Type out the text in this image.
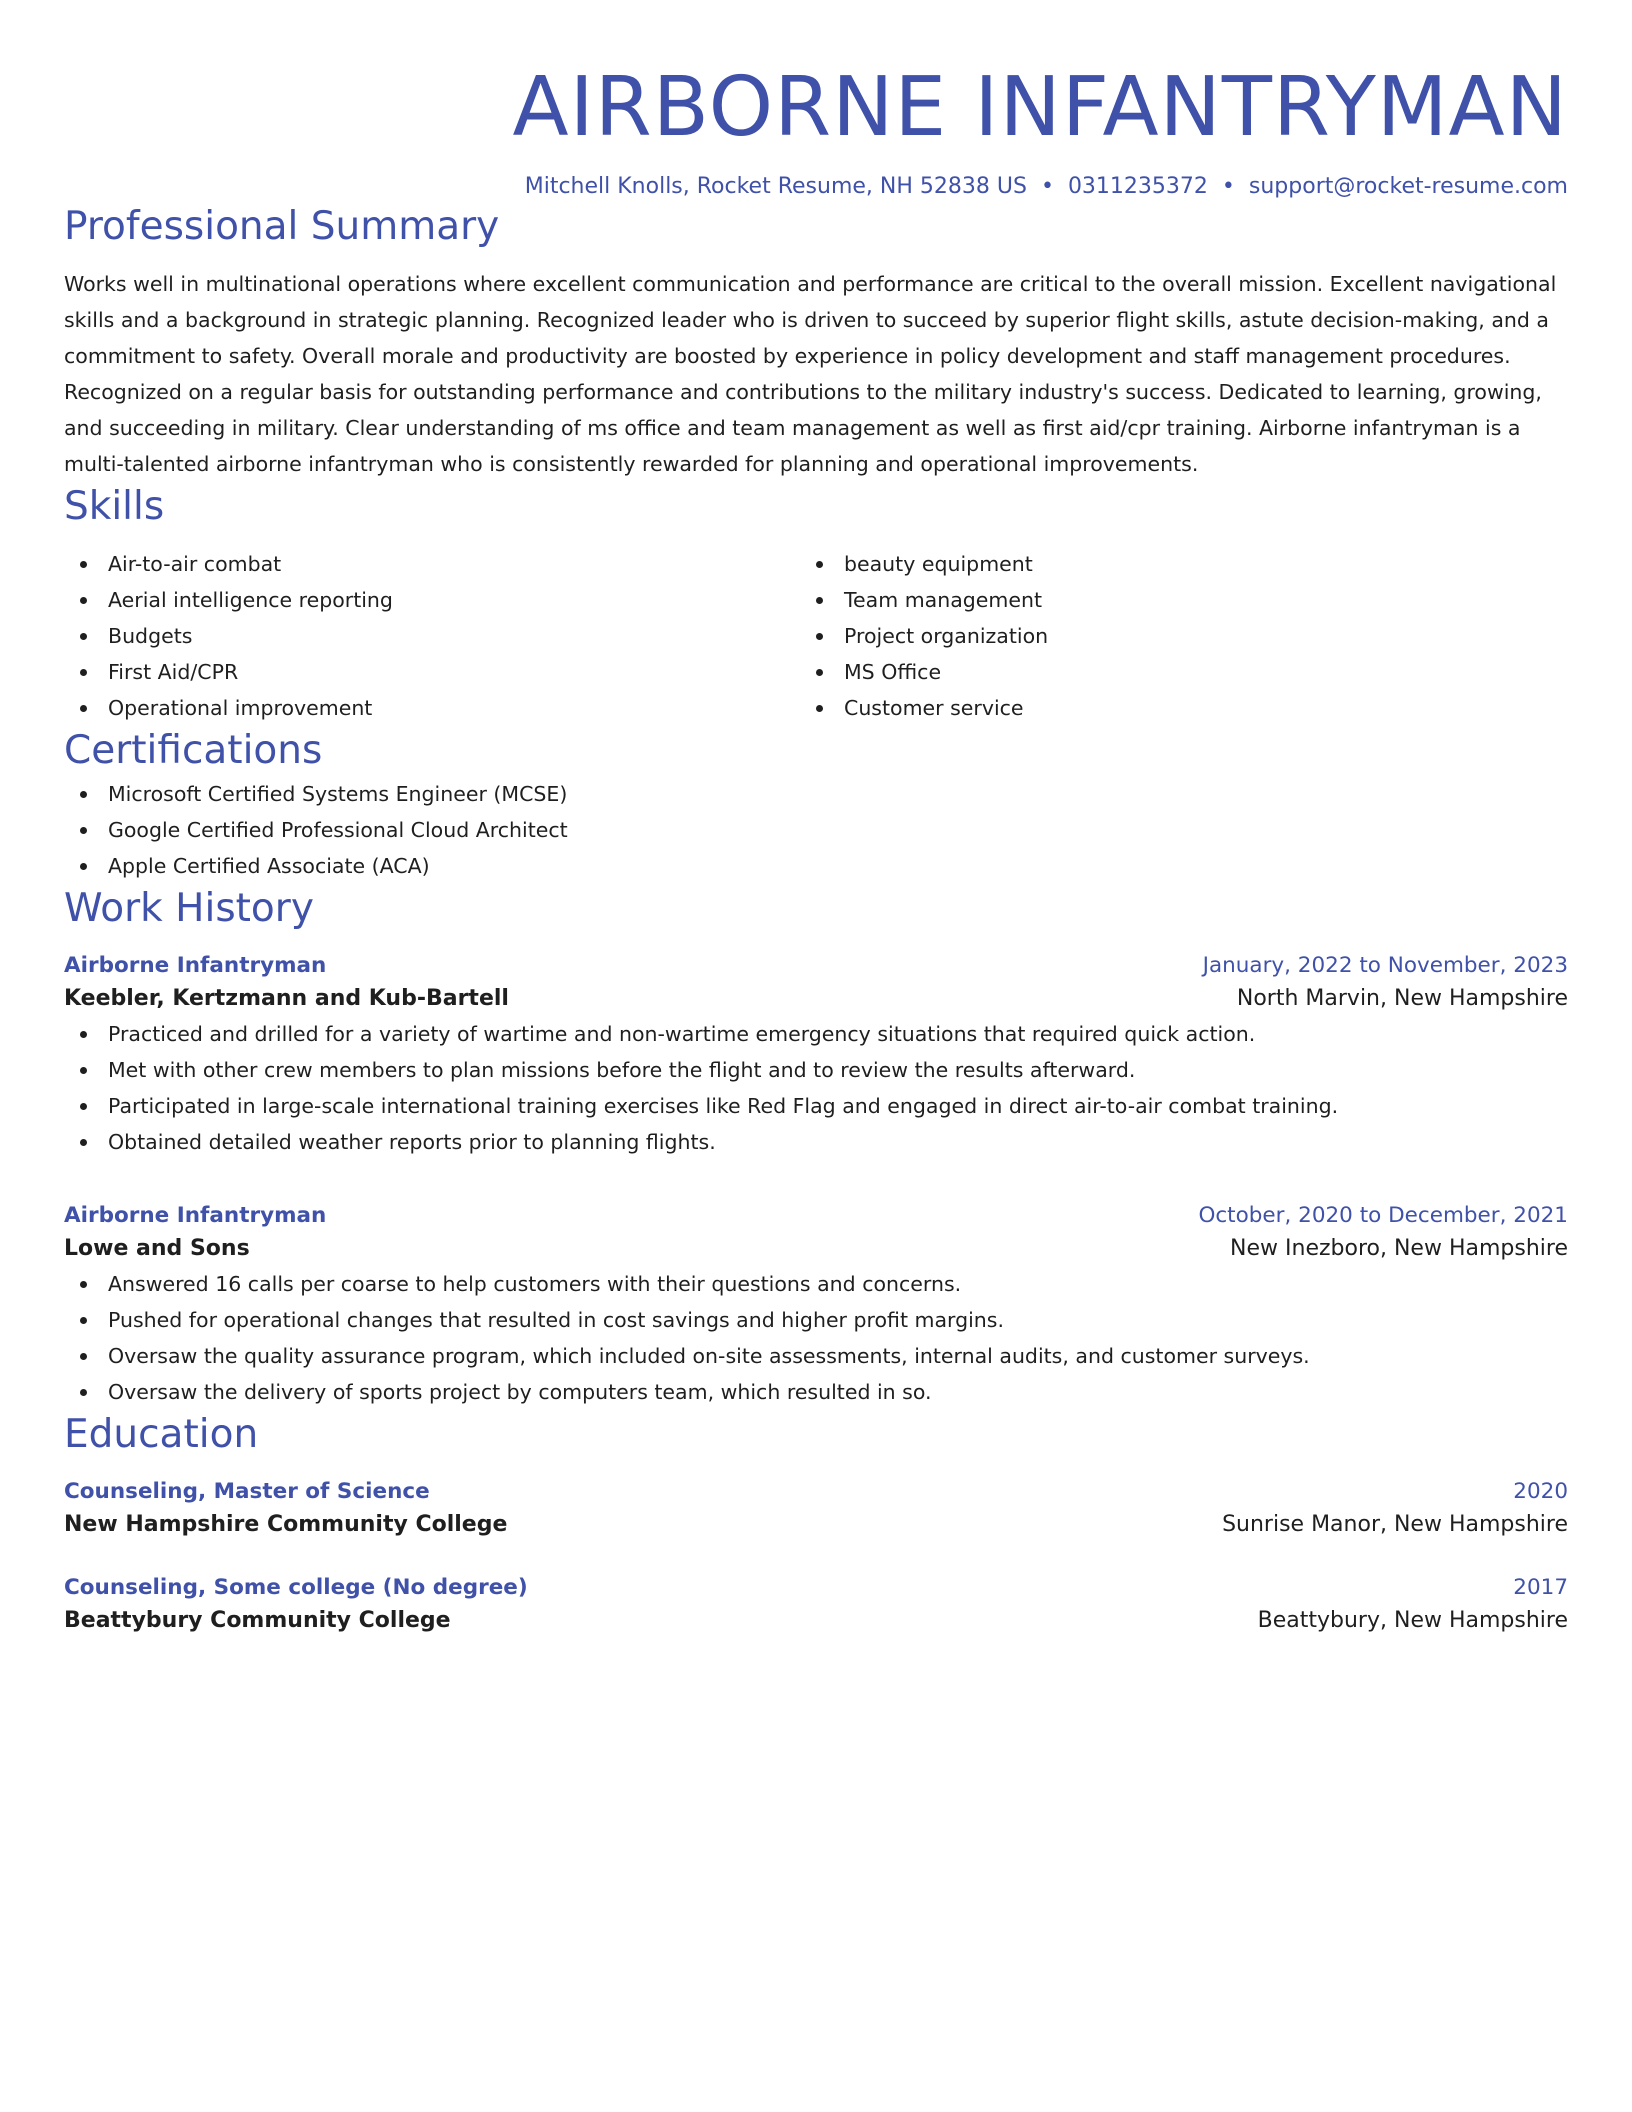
AIRBORNE INFANTRYMAN
Mitchell Knolls, Rocket Resume, NH 52838 US • 0311235372 • support@rocket-resume.com
Professional Summary
Works well in multinational operations where excellent communication and performance are critical to the overall mission. Excellent navigational skills and a background in strategic planning. Recognized leader who is driven to succeed by superior flight skills, astute decision-making, and a commitment to safety. Overall morale and productivity are boosted by experience in policy development and staff management procedures. Recognized on a regular basis for outstanding performance and contributions to the military industry's success. Dedicated to learning, growing, and succeeding in military. Clear understanding of ms office and team management as well as first aid/cpr training. Airborne infantryman is a multi-talented airborne infantryman who is consistently rewarded for planning and operational improvements.
Skills
Air-to-air combat
Aerial intelligence reporting
Budgets
First Aid/CPR
Operational improvement
beauty equipment
Team management
Project organization
MS Office
Customer service
Certifications
Microsoft Certified Systems Engineer (MCSE)
Google Certified Professional Cloud Architect
Apple Certified Associate (ACA)
Work History
Airborne Infantryman	January, 2022 to November, 2023
Keebler, Kertzmann and Kub-Bartell	North Marvin, New Hampshire
Practiced and drilled for a variety of wartime and non-wartime emergency situations that required quick action.
Met with other crew members to plan missions before the flight and to review the results afterward.
Participated in large-scale international training exercises like Red Flag and engaged in direct air-to-air combat training.
Obtained detailed weather reports prior to planning flights.
Airborne Infantryman	October, 2020 to December, 2021
Lowe and Sons	New Inezboro, New Hampshire
Answered 16 calls per coarse to help customers with their questions and concerns.
Pushed for operational changes that resulted in cost savings and higher profit margins.
Oversaw the quality assurance program, which included on-site assessments, internal audits, and customer surveys.
Oversaw the delivery of sports project by computers team, which resulted in so.
Education
Counseling, Master of Science	2020
New Hampshire Community College	Sunrise Manor, New Hampshire
Counseling, Some college (No degree)	2017
Beattybury Community College	Beattybury, New Hampshire
